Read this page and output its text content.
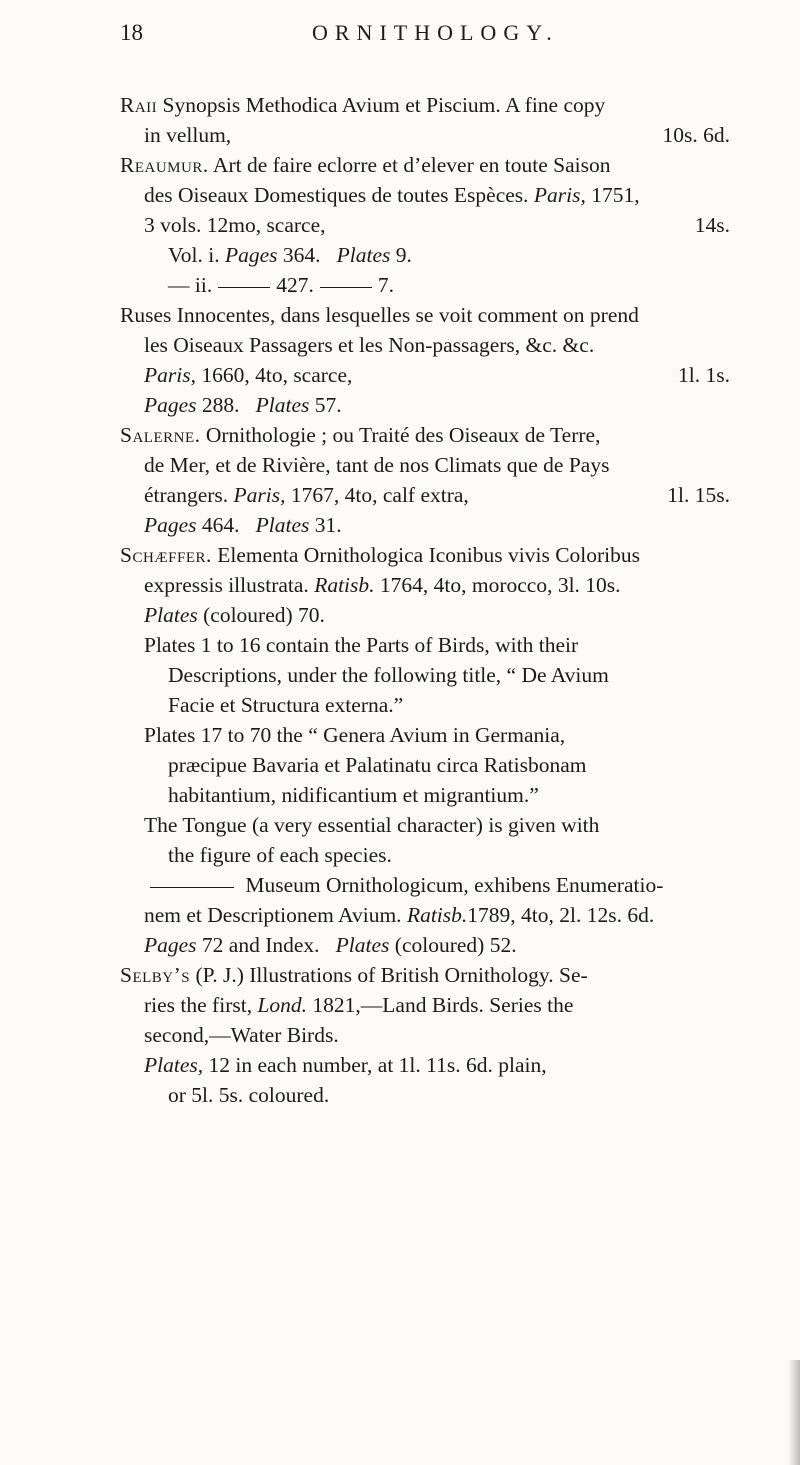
18	ORNITHOLOGY.
Raii Synopsis Methodica Avium et Piscium. A fine copy
in vellum,	10s. 6d.
Reaumur. Art de faire eclorre et d’elever en toute Saison
des Oiseaux Domestiques de toutes Espèces. Paris, 1751,
3 vols. 12mo, scarce,	14s.
Vol. i. Pages 364. Plates 9.
— ii.	427.	7.
Ruses Innocentes, dans lesquelles se voit comment on prend
les Oiseaux Passagers et les Non-passagers, &c. &c.
Paris, 1660, 4to, scarce,	1l. 1s.
Pages 288. Plates 57.
Salerne. Ornithologie ; ou Traité des Oiseaux de Terre,
de Mer, et de Rivière, tant de nos Climats que de Pays
étrangers. Paris, 1767, 4to, calf extra,	1l. 15s.
Pages 464. Plates 31.
Schæffer. Elementa Ornithologica Iconibus vivis Coloribus
expressis illustrata. Ratisb. 1764, 4to, morocco, 3l. 10s.
Plates (coloured) 70.
Plates 1 to 16 contain the Parts of Birds, with their
Descriptions, under the following title, “ De Avium
Facie et Structura externa.”
Plates 17 to 70 the “ Genera Avium in Germania,
præcipue Bavaria et Palatinatu circa Ratisbonam
habitantium, nidificantium et migrantium.”
The Tongue (a very essential character) is given with
the figure of each species.
Museum Ornithologicum, exhibens Enumeratio-
nem et Descriptionem Avium. Ratisb.1789, 4to, 2l. 12s. 6d.
Pages 72 and Index. Plates (coloured) 52.
Selby’s (P. J.) Illustrations of British Ornithology. Se-
ries the first, Lond. 1821,—Land Birds. Series the
second,—Water Birds.
Plates, 12 in each number, at 1l. 11s. 6d. plain,
or 5l. 5s. coloured.
